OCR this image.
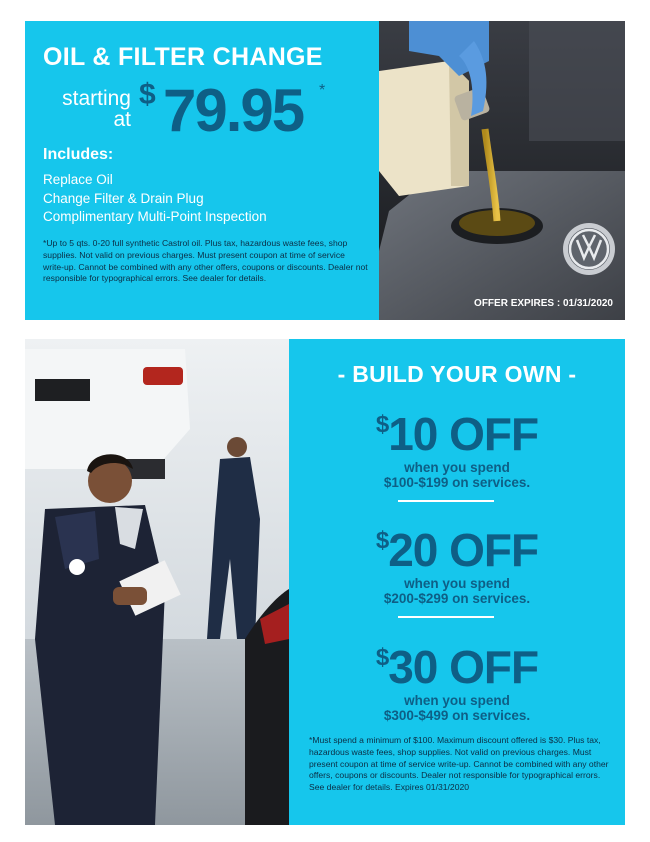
OIL & FILTER CHANGE
starting
at
$ 79.95 *
Includes:
Replace Oil
Change Filter & Drain Plug
Complimentary Multi-Point Inspection

*Up to 5 qts. 0-20 full synthetic Castrol oil. Plus tax, hazardous waste fees, shop supplies. Not valid on previous charges. Must present coupon at time of service write-up. Cannot be combined with any other offers, coupons or discounts. Dealer not responsible for typographical errors. See dealer for details.

OFFER EXPIRES : 01/31/2020
- BUILD YOUR OWN -
$10 OFF
when you spend $100-$199 on services.
$20 OFF
when you spend $200-$299 on services.
$30 OFF
when you spend $300-$499 on services.

*Must spend a minimum of $100. Maximum discount offered is $30. Plus tax, hazardous waste fees, shop supplies. Not valid on previous charges. Must present coupon at time of service write-up. Cannot be combined with any other offers, coupons or discounts. Dealer not responsible for typographical errors. See dealer for details. Expires 01/31/2020
